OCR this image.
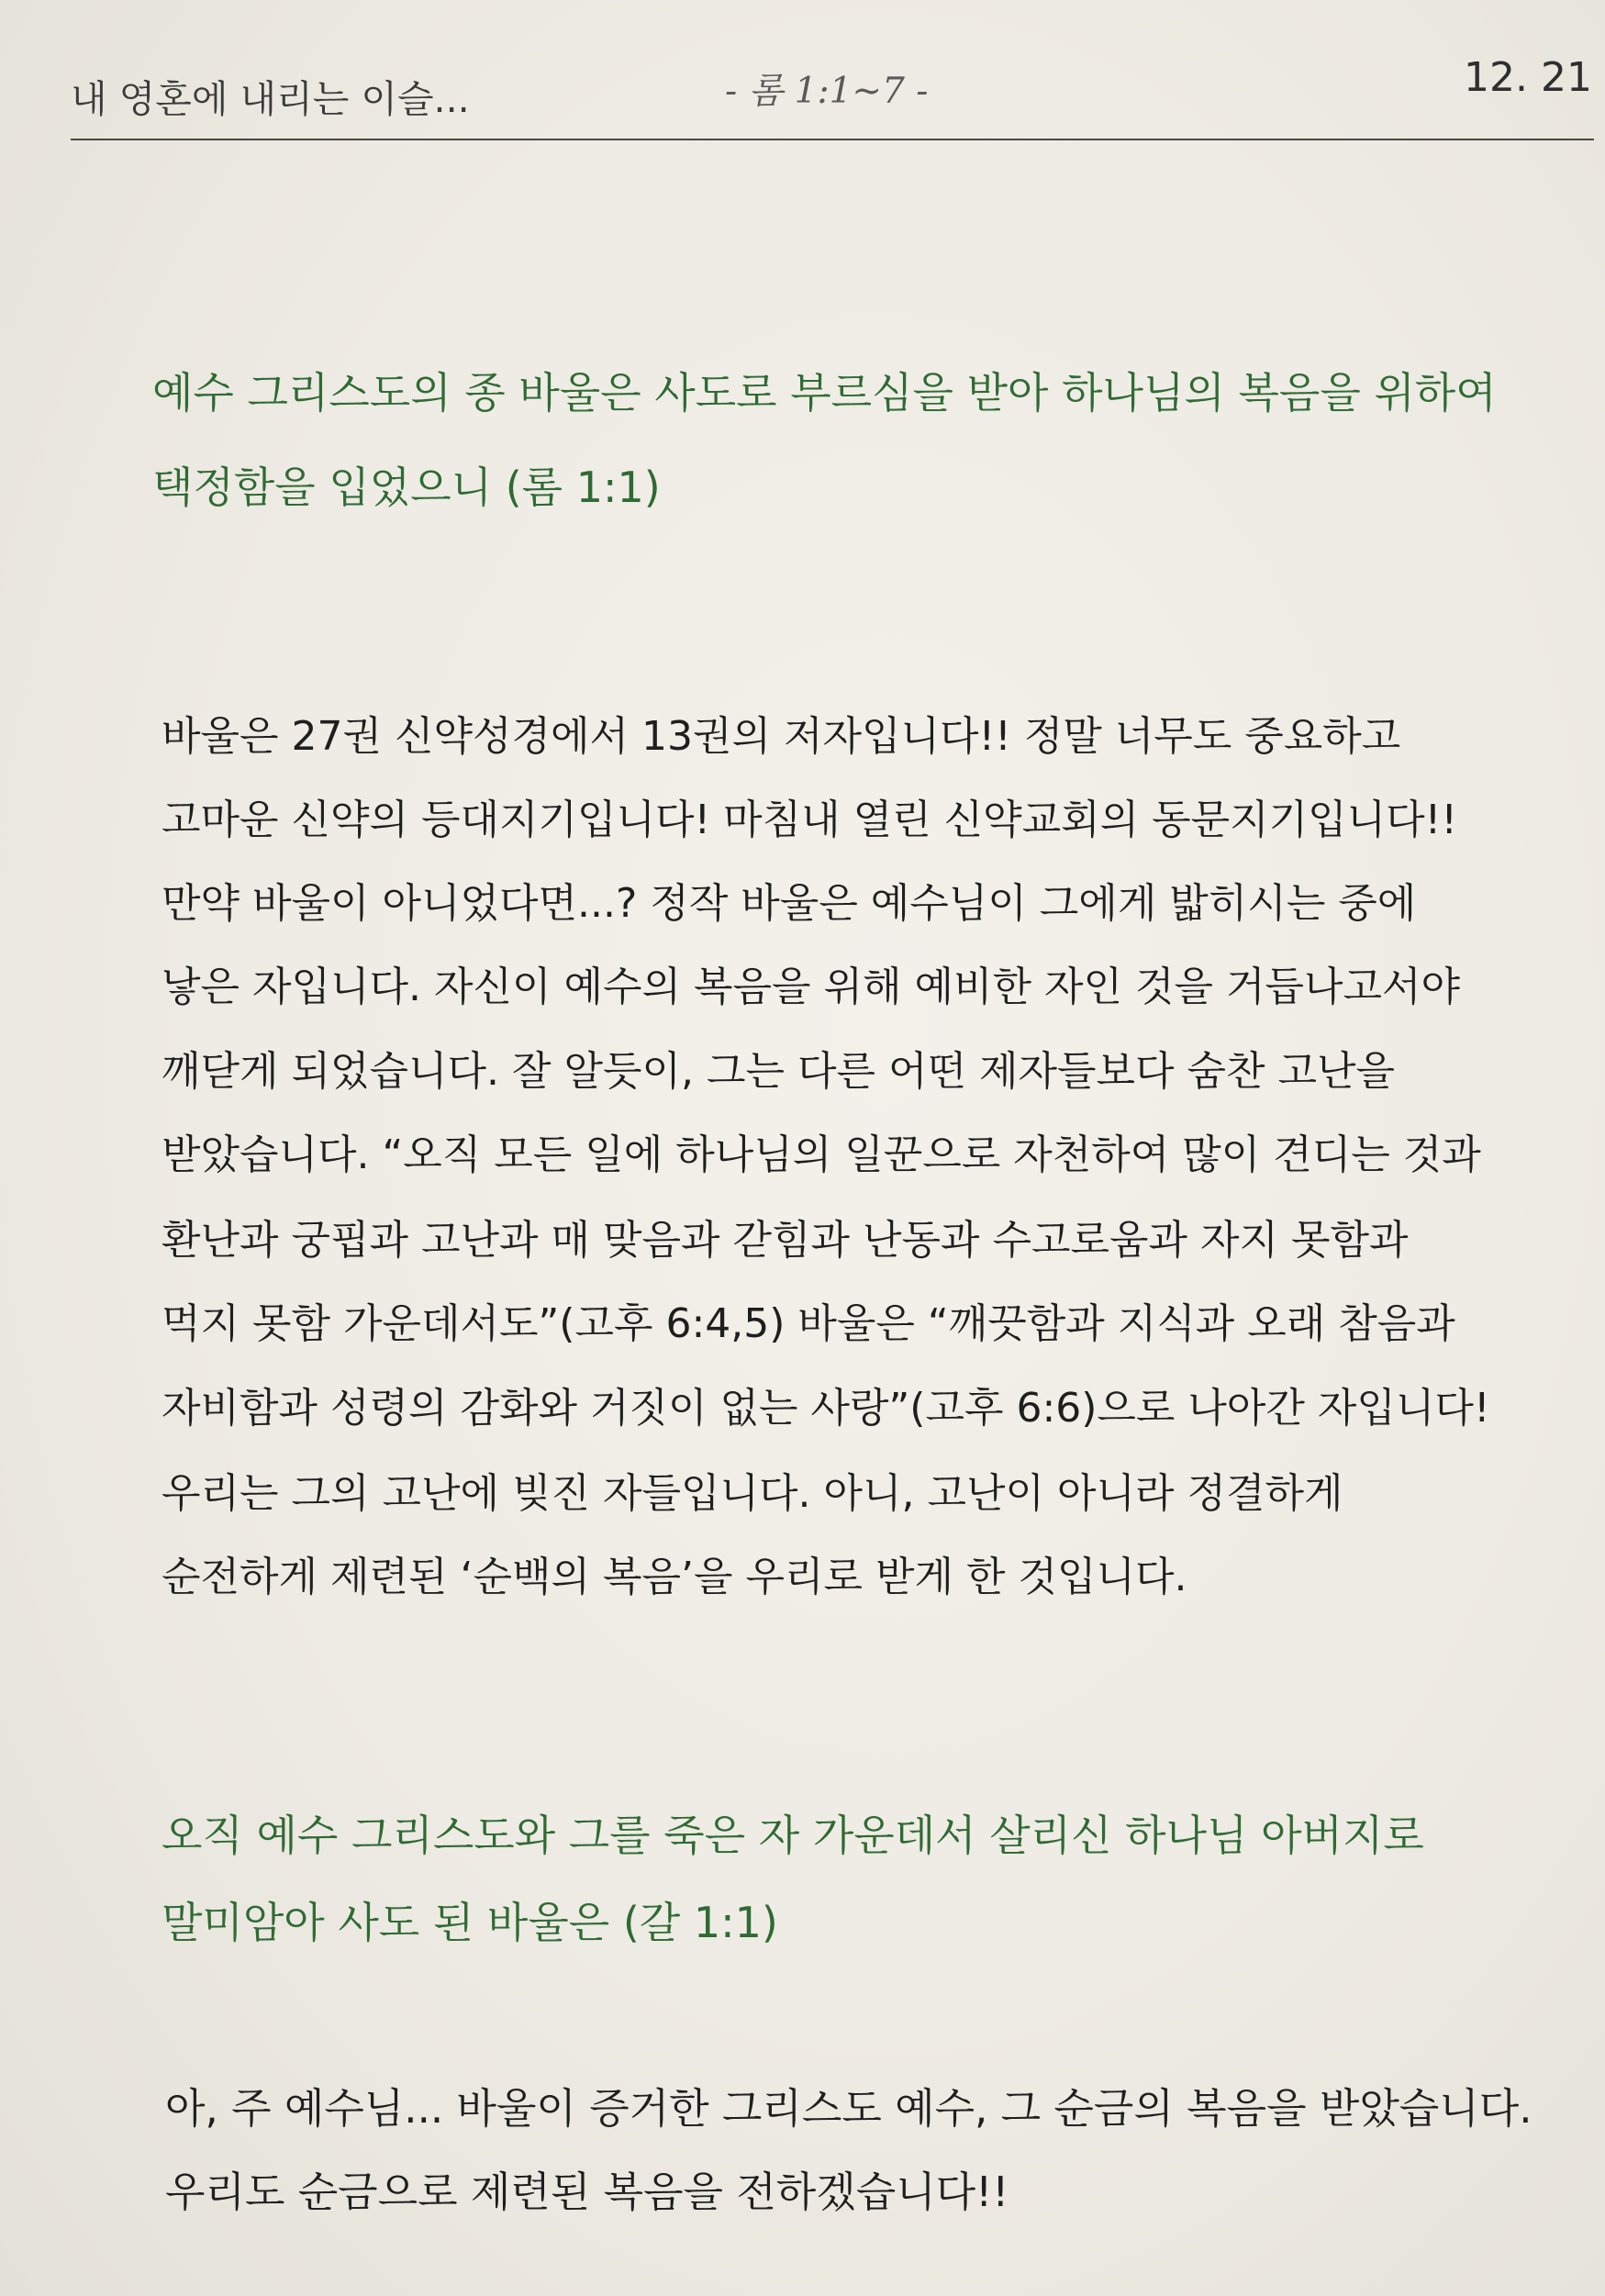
내 영혼에 내리는 이슬...	- 롬 1:1~7 -	12. 21
예수 그리스도의 종 바울은 사도로 부르심을 받아 하나님의 복음을 위하여
택정함을 입었으니 (롬 1:1)
바울은 27권 신약성경에서 13권의 저자입니다!! 정말 너무도 중요하고
고마운 신약의 등대지기입니다! 마침내 열린 신약교회의 동문지기입니다!!
만약 바울이 아니었다면...? 정작 바울은 예수님이 그에게 밟히시는 중에
낳은 자입니다. 자신이 예수의 복음을 위해 예비한 자인 것을 거듭나고서야
깨닫게 되었습니다. 잘 알듯이, 그는 다른 어떤 제자들보다 숨찬 고난을
받았습니다. “오직 모든 일에 하나님의 일꾼으로 자천하여 많이 견디는 것과
환난과 궁핍과 고난과 매 맞음과 갇힘과 난동과 수고로움과 자지 못함과
먹지 못함 가운데서도”(고후 6:4,5) 바울은 “깨끗함과 지식과 오래 참음과
자비함과 성령의 감화와 거짓이 없는 사랑”(고후 6:6)으로 나아간 자입니다!
우리는 그의 고난에 빚진 자들입니다. 아니, 고난이 아니라 정결하게
순전하게 제련된 ‘순백의 복음’을 우리로 받게 한 것입니다.
오직 예수 그리스도와 그를 죽은 자 가운데서 살리신 하나님 아버지로
말미암아 사도 된 바울은 (갈 1:1)
아, 주 예수님... 바울이 증거한 그리스도 예수, 그 순금의 복음을 받았습니다.
우리도 순금으로 제련된 복음을 전하겠습니다!!
